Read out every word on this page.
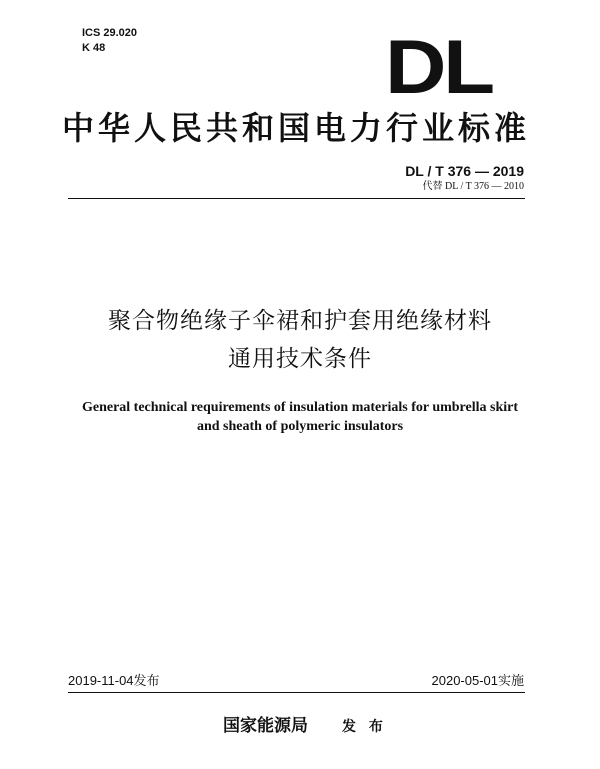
ICS 29.020
K 48	DL
中华人民共和国电力行业标准
DL / T 376 — 2019
代替 DL / T 376 — 2010
聚合物绝缘子伞裙和护套用绝缘材料
通用技术条件
General technical requirements of insulation materials for umbrella skirt
and sheath of polymeric insulators
2019-11-04发布	2020-05-01实施
国家能源局 发 布
